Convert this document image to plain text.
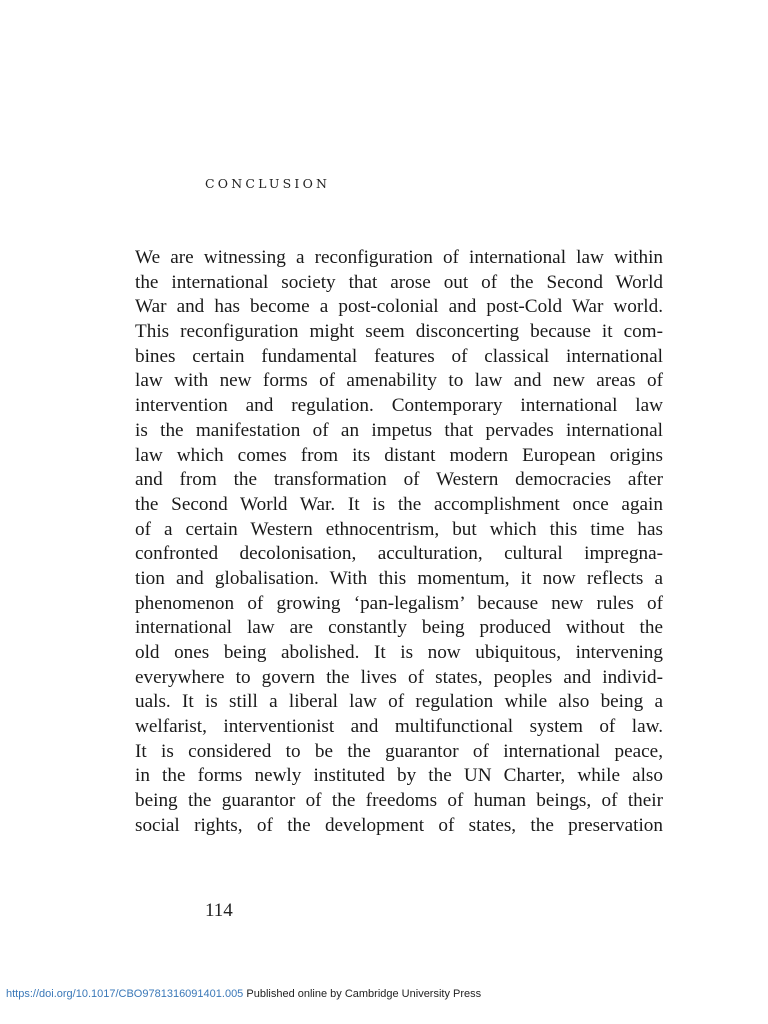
CONCLUSION
We are witnessing a reconfiguration of international law within
the international society that arose out of the Second World
War and has become a post-colonial and post-Cold War world.
This reconfiguration might seem disconcerting because it com-
bines certain fundamental features of classical international
law with new forms of amenability to law and new areas of
intervention and regulation. Contemporary international law
is the manifestation of an impetus that pervades international
law which comes from its distant modern European origins
and from the transformation of Western democracies after
the Second World War. It is the accomplishment once again
of a certain Western ethnocentrism, but which this time has
confronted decolonisation, acculturation, cultural impregna-
tion and globalisation. With this momentum, it now reflects a
phenomenon of growing ‘pan-legalism’ because new rules of
international law are constantly being produced without the
old ones being abolished. It is now ubiquitous, intervening
everywhere to govern the lives of states, peoples and individ-
uals. It is still a liberal law of regulation while also being a
welfarist, interventionist and multifunctional system of law.
It is considered to be the guarantor of international peace,
in the forms newly instituted by the UN Charter, while also
being the guarantor of the freedoms of human beings, of their
social rights, of the development of states, the preservation
114
https://doi.org/10.1017/CBO9781316091401.005 Published online by Cambridge University Press
